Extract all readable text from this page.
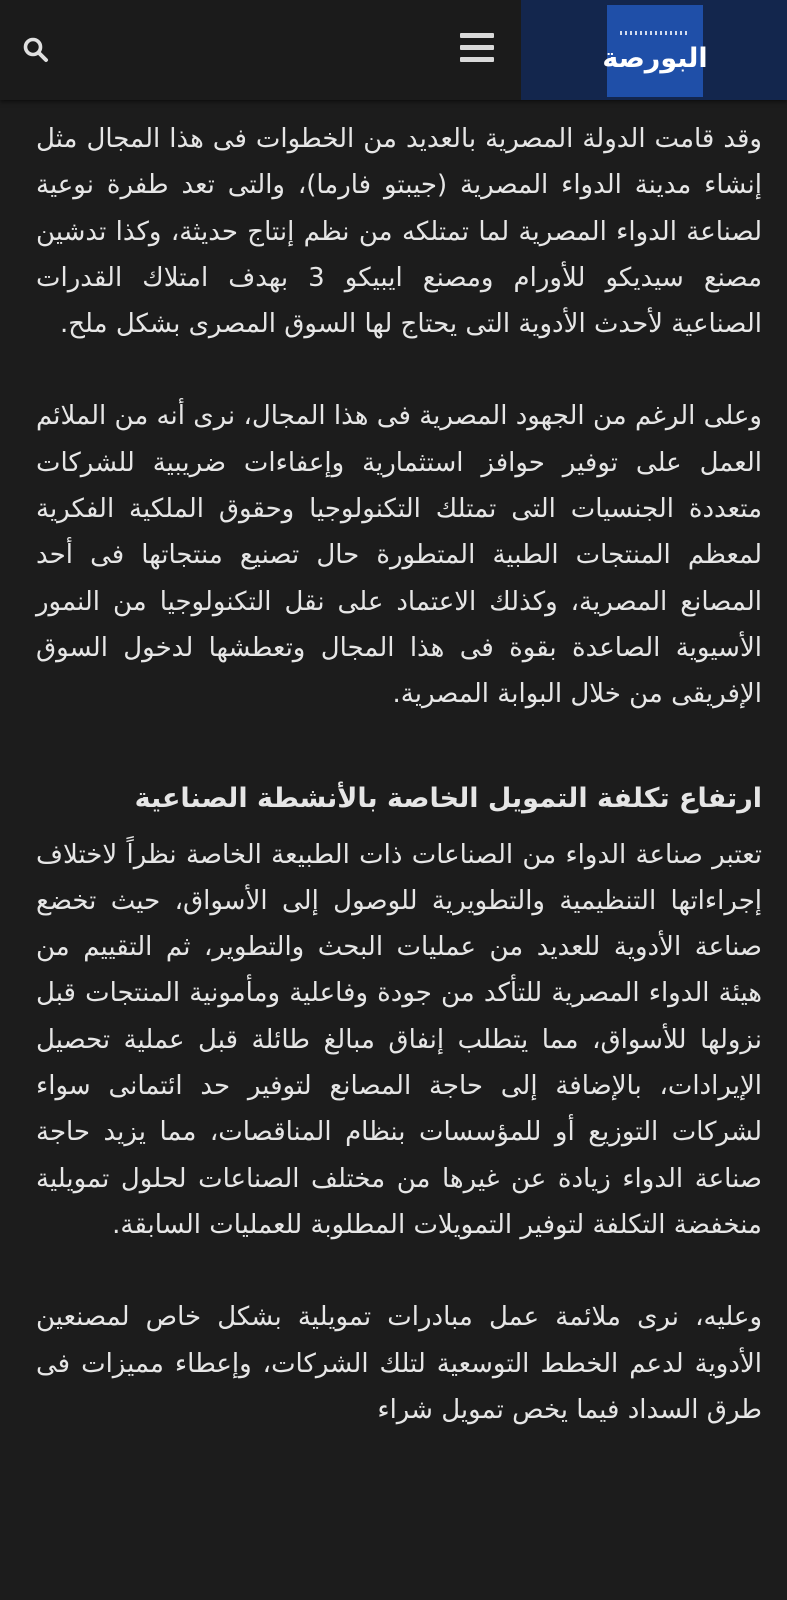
البورصة

وقد قامت الدولة المصرية بالعديد من الخطوات فى هذا المجال مثل إنشاء مدينة الدواء المصرية (جيبتو فارما)، والتى تعد طفرة نوعية لصناعة الدواء المصرية لما تمتلكه من نظم إنتاج حديثة، وكذا تدشين مصنع سيديكو للأورام ومصنع ايبيكو 3 بهدف امتلاك القدرات الصناعية لأحدث الأدوية التى يحتاج لها السوق المصرى بشكل ملح.

وعلى الرغم من الجهود المصرية فى هذا المجال، نرى أنه من الملائم العمل على توفير حوافز استثمارية وإعفاءات ضريبية للشركات متعددة الجنسيات التى تمتلك التكنولوجيا وحقوق الملكية الفكرية لمعظم المنتجات الطبية المتطورة حال تصنيع منتجاتها فى أحد المصانع المصرية، وكذلك الاعتماد على نقل التكنولوجيا من النمور الأسيوية الصاعدة بقوة فى هذا المجال وتعطشها لدخول السوق الإفريقى من خلال البوابة المصرية.

ارتفاع تكلفة التمويل الخاصة بالأنشطة الصناعية

تعتبر صناعة الدواء من الصناعات ذات الطبيعة الخاصة نظراً لاختلاف إجراءاتها التنظيمية والتطويرية للوصول إلى الأسواق، حيث تخضع صناعة الأدوية للعديد من عمليات البحث والتطوير، ثم التقييم من هيئة الدواء المصرية للتأكد من جودة وفاعلية ومأمونية المنتجات قبل نزولها للأسواق، مما يتطلب إنفاق مبالغ طائلة قبل عملية تحصيل الإيرادات، بالإضافة إلى حاجة المصانع لتوفير حد ائتمانى سواء لشركات التوزيع أو للمؤسسات بنظام المناقصات، مما يزيد حاجة صناعة الدواء زيادة عن غيرها من مختلف الصناعات لحلول تمويلية منخفضة التكلفة لتوفير التمويلات المطلوبة للعمليات السابقة.

وعليه، نرى ملائمة عمل مبادرات تمويلية بشكل خاص لمصنعين الأدوية لدعم الخطط التوسعية لتلك الشركات، وإعطاء مميزات فى طرق السداد فيما يخص تمويل شراء
